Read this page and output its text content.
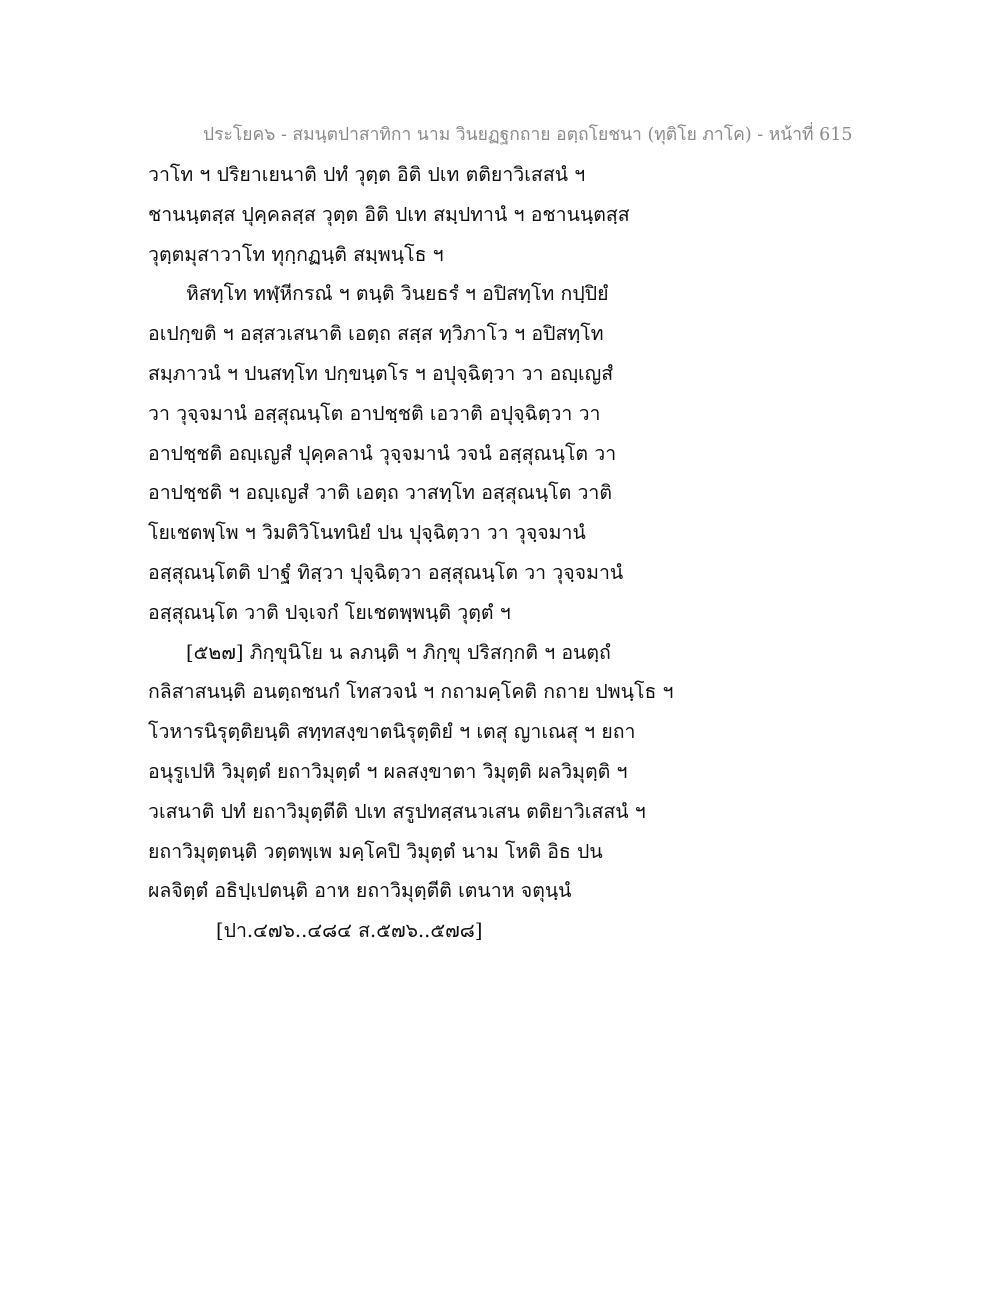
ประโยค๖ - สมนฺตปาสาทิกา นาม วินยฏฐกถาย อตฺถโยชนา (ทุติโย ภาโค) - หน้าที่ 615
วาโท ฯ ปริยาเยนาติ ปทํ วุตฺต อิติ ปเท ตติยาวิเสสนํ ฯ
ชานนฺตสฺส ปุคฺคลสฺส วุตฺต อิติ ปเท สมฺปทานํ ฯ อชานนฺตสฺส
วุตฺตมุสาวาโท ทุกฺกฏนฺติ สมฺพนฺโธ ฯ
หิสทฺโท ทฬฺหีกรณํ ฯ ตนฺติ วินยธรํ ฯ อปิสทฺโท กปฺปิยํ
อเปกฺขติ ฯ อสฺสวเสนาติ เอตฺถ สสฺส ทฺวิภาโว ฯ อปิสทฺโท
สมฺภาวนํ ฯ ปนสทฺโท ปกฺขนฺตโร ฯ อปุจฺฉิตฺวา วา อญฺเญสํ
วา วุจฺจมานํ อสฺสุณนฺโต อาปชฺชติ เอวาติ อปุจฺฉิตฺวา วา
อาปชฺชติ อญฺเญสํ ปุคฺคลานํ วุจฺจมานํ วจนํ อสฺสุณนฺโต วา
อาปชฺชติ ฯ อญฺเญสํ วาติ เอตฺถ วาสทฺโท อสฺสุณนฺโต วาติ
โยเชตพฺโพ ฯ วิมติวิโนทนิยํ ปน ปุจฺฉิตฺวา วา วุจฺจมานํ
อสฺสุณนฺโตติ ปาฐํ ทิสฺวา ปุจฺฉิตฺวา อสฺสุณนฺโต วา วุจฺจมานํ
อสฺสุณนฺโต วาติ ปจฺเจกํ โยเชตพฺพนฺติ วุตฺตํ ฯ
[๕๒๗] ภิกฺขุนิโย น ลภนฺติ ฯ ภิกฺขุ ปริสกฺกติ ฯ อนตฺถํ
กลิสาสนนฺติ อนตฺถชนกํ โทสวจนํ ฯ กถามคฺโคติ กถาย ปพนฺโธ ฯ
โวหารนิรุตฺติยนฺติ สทฺทสงฺขาตนิรุตฺติยํ ฯ เตสุ ญาเณสุ ฯ ยถา
อนุรูเปหิ วิมุตฺตํ ยถาวิมุตฺตํ ฯ ผลสงฺขาตา วิมุตฺติ ผลวิมุตฺติ ฯ
วเสนาติ ปทํ ยถาวิมุตฺตีติ ปเท สรูปทสฺสนวเสน ตติยาวิเสสนํ ฯ
ยถาวิมุตฺตนฺติ วตฺตพฺเพ มคฺโคปิ วิมุตฺตํ นาม โหติ อิธ ปน
ผลจิตฺตํ อธิปฺเปตนฺติ อาห ยถาวิมุตฺตีติ เตนาห จตุนฺนํ
[ปา.๔๗๖..๔๘๔ ส.๕๗๖..๕๗๘]
